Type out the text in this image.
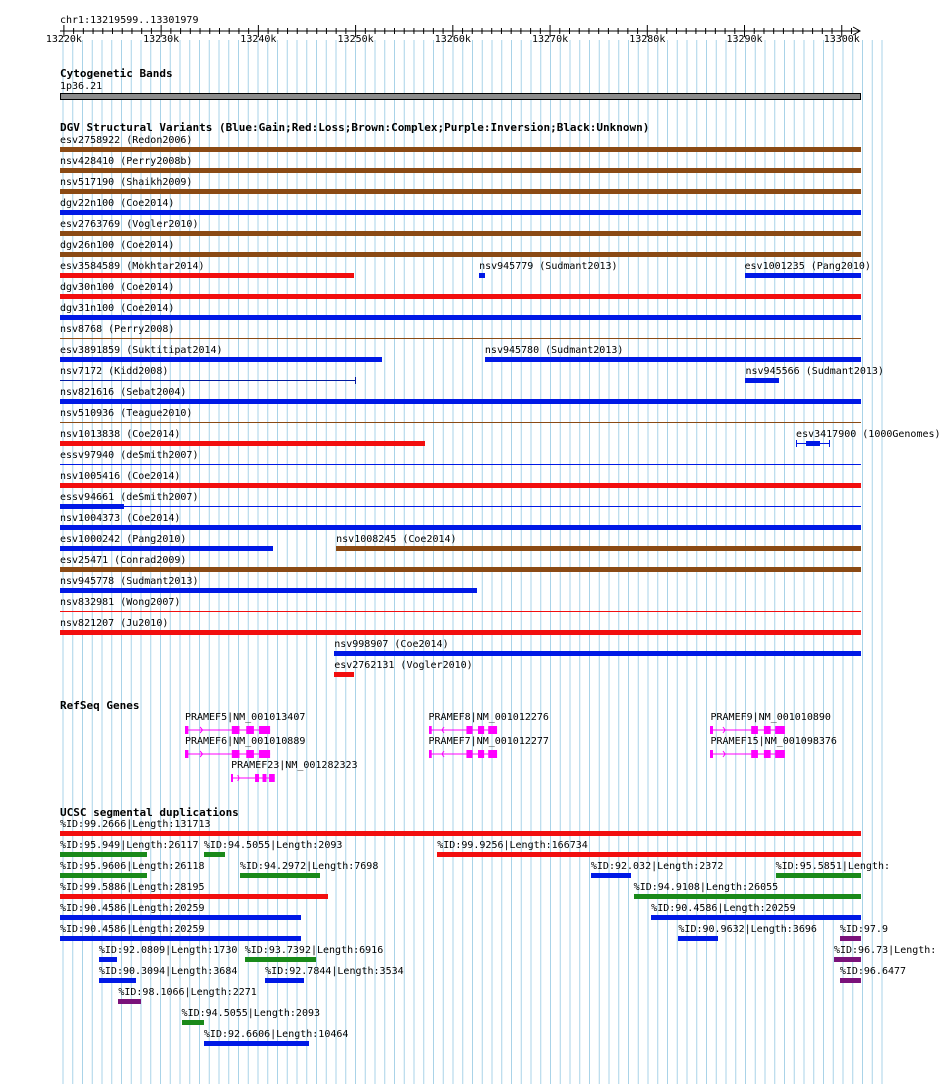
chr1:13219599..13301979
13220k	13230k	13240k	13250k	13260k	13270k	13280k	13290k	13300k
Cytogenetic Bands
1p36.21
DGV Structural Variants (Blue:Gain;Red:Loss;Brown:Complex;Purple:Inversion;Black:Unknown)
esv2758922 (Redon2006)
nsv428410 (Perry2008b)
nsv517190 (Shaikh2009)
dgv22n100 (Coe2014)
esv2763769 (Vogler2010)
dgv26n100 (Coe2014)
esv3584589 (Mokhtar2014)	nsv945779 (Sudmant2013)	esv1001235 (Pang2010)
dgv30n100 (Coe2014)
dgv31n100 (Coe2014)
nsv8768 (Perry2008)
esv3891859 (Suktitipat2014)	nsv945780 (Sudmant2013)
nsv7172 (Kidd2008)	nsv945566 (Sudmant2013)
nsv821616 (Sebat2004)
nsv510936 (Teague2010)
nsv1013838 (Coe2014)	esv3417900 (1000Genomes)
essv97940 (deSmith2007)
nsv1005416 (Coe2014)
essv94661 (deSmith2007)
nsv1004373 (Coe2014)
esv1000242 (Pang2010)	nsv1008245 (Coe2014)
esv25471 (Conrad2009)
nsv945778 (Sudmant2013)
nsv832981 (Wong2007)
nsv821207 (Ju2010)
nsv998907 (Coe2014)
esv2762131 (Vogler2010)
RefSeq Genes
PRAMEF5|NM_001013407	PRAMEF8|NM_001012276	PRAMEF9|NM_001010890
PRAMEF6|NM_001010889	PRAMEF7|NM_001012277	PRAMEF15|NM_001098376
PRAMEF23|NM_001282323
UCSC segmental duplications
%ID:99.2666|Length:131713
%ID:95.949|Length:26117 %ID:94.5055|Length:2093	%ID:99.9256|Length:166734
%ID:95.9606|Length:26118	%ID:94.2972|Length:7698	%ID:92.032|Length:2372	%ID:95.5851|Length:
%ID:99.5886|Length:28195	%ID:94.9108|Length:26055
%ID:90.4586|Length:20259	%ID:90.4586|Length:20259
%ID:90.4586|Length:20259	%ID:90.9632|Length:3696 %ID:97.9
%ID:92.0809|Length:1730 %ID:93.7392|Length:6916	%ID:96.73|Length:
%ID:90.3094|Length:3684	%ID:92.7844|Length:3534	%ID:96.6477
%ID:98.1066|Length:2271
%ID:94.5055|Length:2093
%ID:92.6606|Length:10464
